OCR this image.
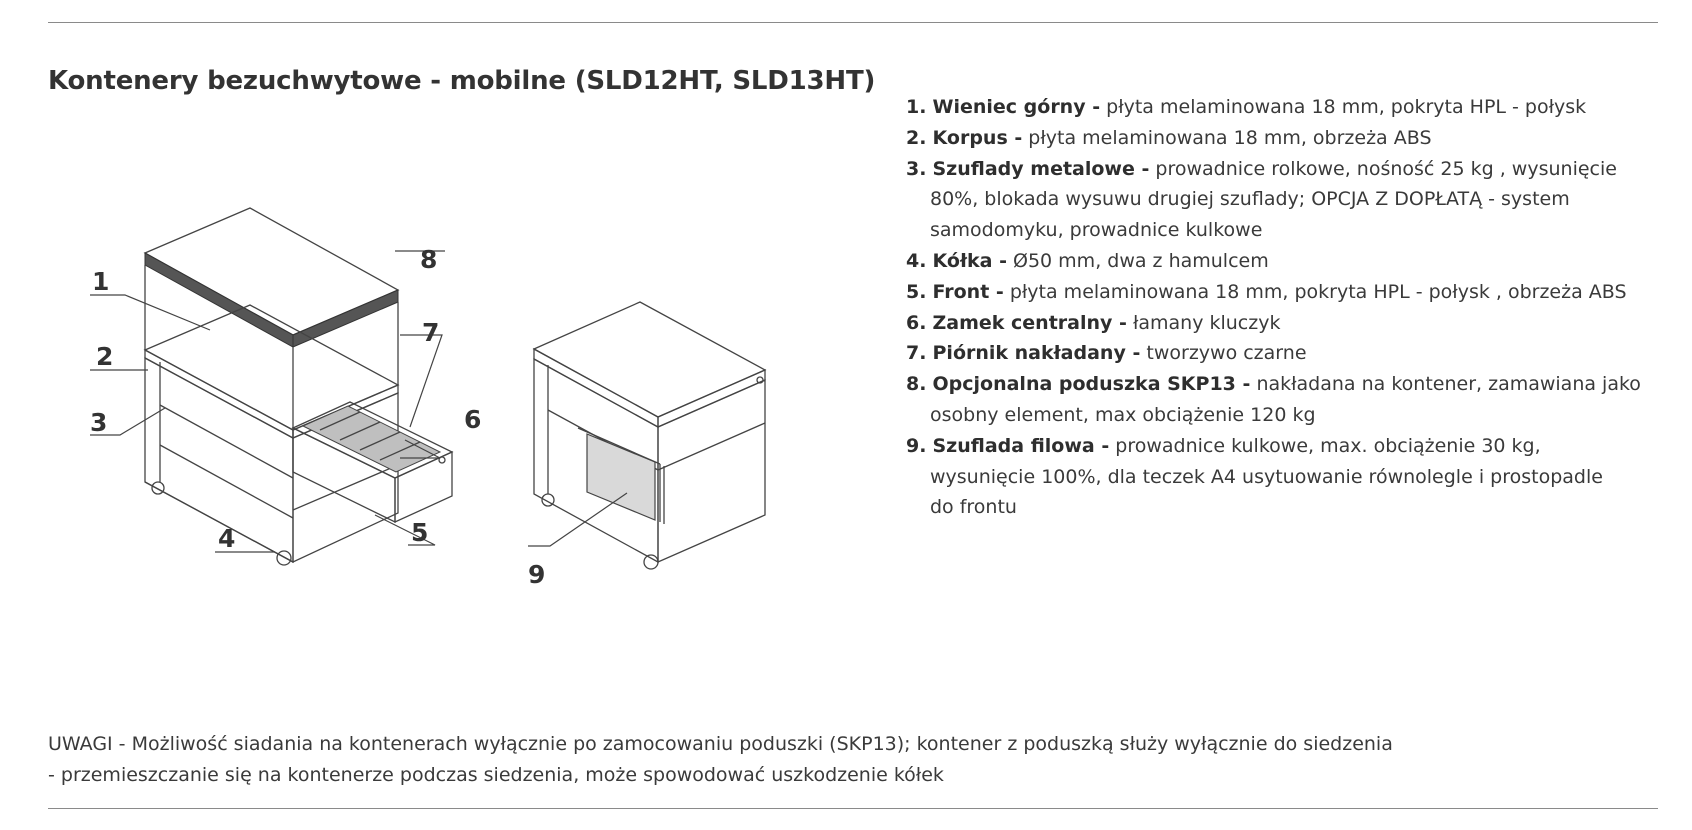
Kontenery bezuchwytowe - mobilne (SLD12HT, SLD13HT)
1. Wieniec górny - płyta melaminowana 18 mm, pokryta HPL - połysk
2. Korpus - płyta melaminowana 18 mm, obrzeża ABS
3. Szuflady metalowe - prowadnice rolkowe, nośność 25 kg , wysunięcie
80%, blokada wysuwu drugiej szuflady; OPCJA Z DOPŁATĄ - system
samodomyku, prowadnice kulkowe
4. Kółka - Ø50 mm, dwa z hamulcem
5. Front - płyta melaminowana 18 mm, pokryta HPL - połysk , obrzeża ABS
6. Zamek centralny - łamany kluczyk
7. Piórnik nakładany - tworzywo czarne
8. Opcjonalna poduszka SKP13 - nakładana na kontener, zamawiana jako
osobny element, max obciążenie 120 kg
9. Szuflada filowa - prowadnice kulkowe, max. obciążenie 30 kg,
wysunięcie 100%, dla teczek A4 usytuowanie równolegle i prostopadle
do frontu
1
2
3
4	5
6
7
8
9
UWAGI - Możliwość siadania na kontenerach wyłącznie po zamocowaniu poduszki (SKP13); kontener z poduszką służy wyłącznie do siedzenia
- przemieszczanie się na kontenerze podczas siedzenia, może spowodować uszkodzenie kółek
